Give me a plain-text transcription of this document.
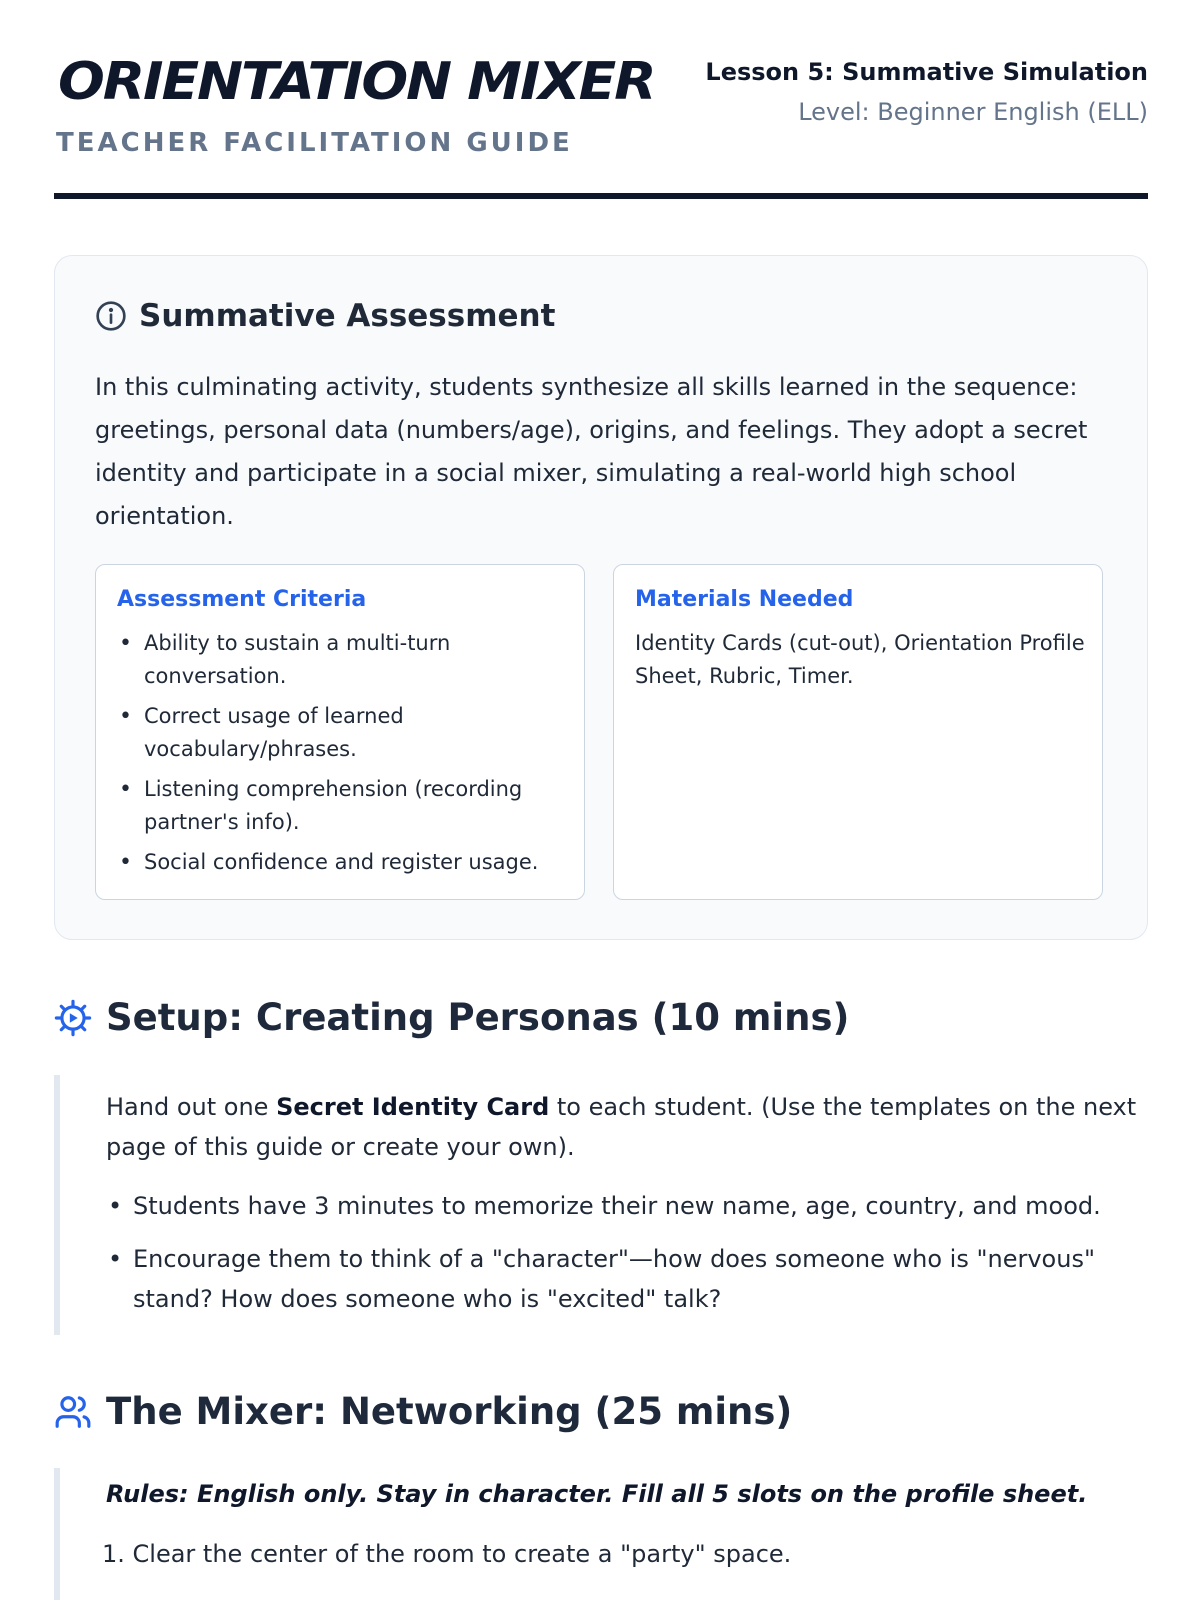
ORIENTATION MIXER
TEACHER FACILITATION GUIDE
Lesson 5: Summative Simulation
Level: Beginner English (ELL)
Summative Assessment

In this culminating activity, students synthesize all skills learned in the sequence: greetings, personal data (numbers/age), origins, and feelings. They adopt a secret identity and participate in a social mixer, simulating a real-world high school orientation.

Assessment Criteria
• Ability to sustain a multi-turn conversation.
• Correct usage of learned vocabulary/phrases.
• Listening comprehension (recording partner's info).
• Social confidence and register usage.
Materials Needed

Identity Cards (cut-out), Orientation Profile Sheet, Rubric, Timer.

Setup: Creating Personas (10 mins)

Hand out one Secret Identity Card to each student. (Use the templates on the next page of this guide or create your own).

• Students have 3 minutes to memorize their new name, age, country, and mood.
• Encourage them to think of a "character"—how does someone who is "nervous" stand? How does someone who is "excited" talk?
The Mixer: Networking (25 mins)
Rules: English only. Stay in character. Fill all 5 slots on the profile sheet.
1. Clear the center of the room to create a "party" space.
